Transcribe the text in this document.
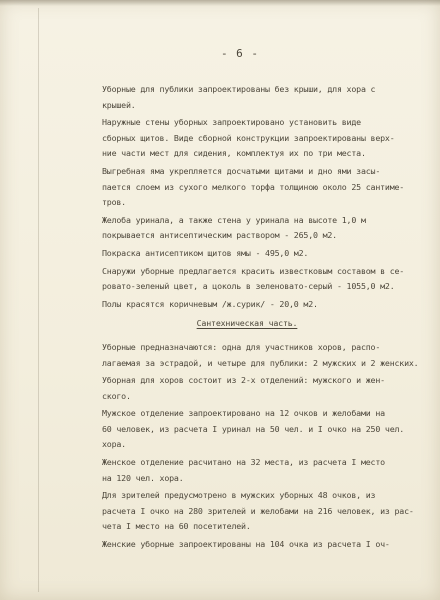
- 6 -

Уборные для публики запроектированы без крыши, для хора с
крышей.

Наружные стены уборных запроектировано установить виде
сборных щитов. Виде сборной конструкции запроектированы верх-
ние части мест для сидения, комплектуя их по три места.

Выгребная яма укрепляется досчатыми щитами и дно ями засы-
пается слоем из сухого мелкого торфа толщиною около 25 сантиме-
тров.

Желоба уринала, а также стена у уринала на высоте 1,0 м
покрывается антисептическим раствором - 265,0 м2.

Покраска антисептиком щитов ямы - 495,0 м2.

Снаружи уборные предлагается красить известковым составом в се-
ровато-зеленый цвет, а цоколь в зеленовато-серый - 1055,0 м2.

Полы красятся коричневым /ж.сурик/ - 20,0 м2.

Сантехническая часть.

Уборные предназначаются: одна для участников хоров, распо-
лагаемая за эстрадой, и четыре для публики: 2 мужских и 2 женских.

Уборная для хоров состоит из 2-х отделений: мужского и жен-
ского.

Мужское отделение запроектировано на 12 очков и желобами на
60 человек, из расчета I уринал на 50 чел. и I очко на 250 чел.
хора.

Женское отделение расчитано на 32 места, из расчета I место
на 120 чел. хора.

Для зрителей предусмотрено в мужских уборных 48 очков, из
расчета I очко на 280 зрителей и желобами на 216 человек, из рас-
чета I место на 60 посетителей.

Женские уборные запроектированы на 104 очка из расчета I оч-
